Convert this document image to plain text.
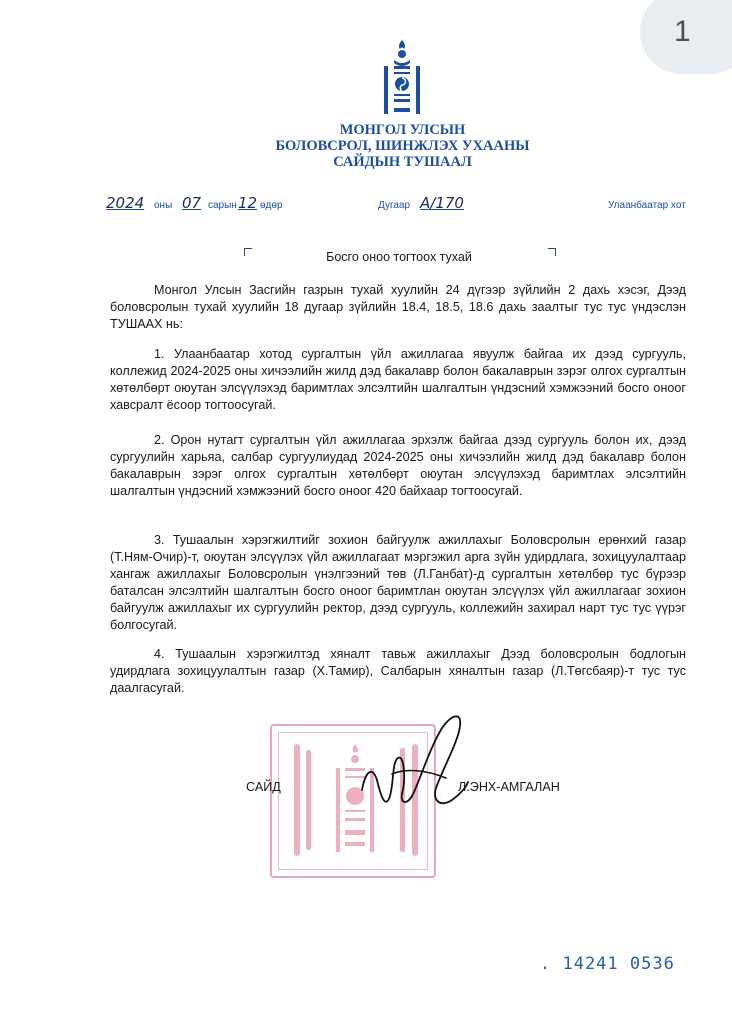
1
МОНГОЛ УЛСЫН
БОЛОВСРОЛ, ШИНЖЛЭХ УХААНЫ
САЙДЫН ТУШААЛ
2024 оны 07 сарын 12 өдөр	Дугаар А/170	Улаанбаатар хот
Босго оноо тогтоох тухай

Монгол Улсын Засгийн газрын тухай хуулийн 24 дүгээр зүйлийн 2 дахь хэсэг, Дээд боловсролын тухай хуулийн 18 дугаар зүйлийн 18.4, 18.5, 18.6 дахь заалтыг тус тус үндэслэн ТУШААХ нь:

1. Улаанбаатар хотод сургалтын үйл ажиллагаа явуулж байгаа их дээд сургууль, коллежид 2024-2025 оны хичээлийн жилд дэд бакалавр болон бакалаврын зэрэг олгох сургалтын хөтөлбөрт оюутан элсүүлэхэд баримтлах элсэлтийн шалгалтын үндэсний хэмжээний босго оноог хавсралт ёсоор тогтоосугай.

2. Орон нутагт сургалтын үйл ажиллагаа эрхэлж байгаа дээд сургууль болон их, дээд сургуулийн харьяа, салбар сургуулиудад 2024-2025 оны хичээлийн жилд дэд бакалавр болон бакалаврын зэрэг олгох сургалтын хөтөлбөрт оюутан элсүүлэхэд баримтлах элсэлтийн шалгалтын үндэсний хэмжээний босго оноог 420 байхаар тогтоосугай.

3. Тушаалын хэрэгжилтийг зохион байгуулж ажиллахыг Боловсролын ерөнхий газар (Т.Ням-Очир)-т, оюутан элсүүлэх үйл ажиллагаат мэргэжил арга зүйн удирдлага, зохицуулалтаар хангаж ажиллахыг Боловсролын үнэлгээний төв (Л.Ганбат)-д сургалтын хөтөлбөр тус бүрээр баталсан элсэлтийн шалгалтын босго оноог баримтлан оюутан элсүүлэх үйл ажиллагааг зохион байгуулж ажиллахыг их сургуулийн ректор, дээд сургууль, коллежийн захирал нарт тус тус үүрэг болгосугай.

4. Тушаалын хэрэгжилтэд хяналт тавьж ажиллахыг Дээд боловсролын бодлогын удирдлага зохицуулалтын газар (Х.Тамир), Салбарын хяналтын газар (Л.Төгсбаяр)-т тус тус даалгасугай.

САЙД	Л.ЭНХ-АМГАЛАН
. 14241 0536
